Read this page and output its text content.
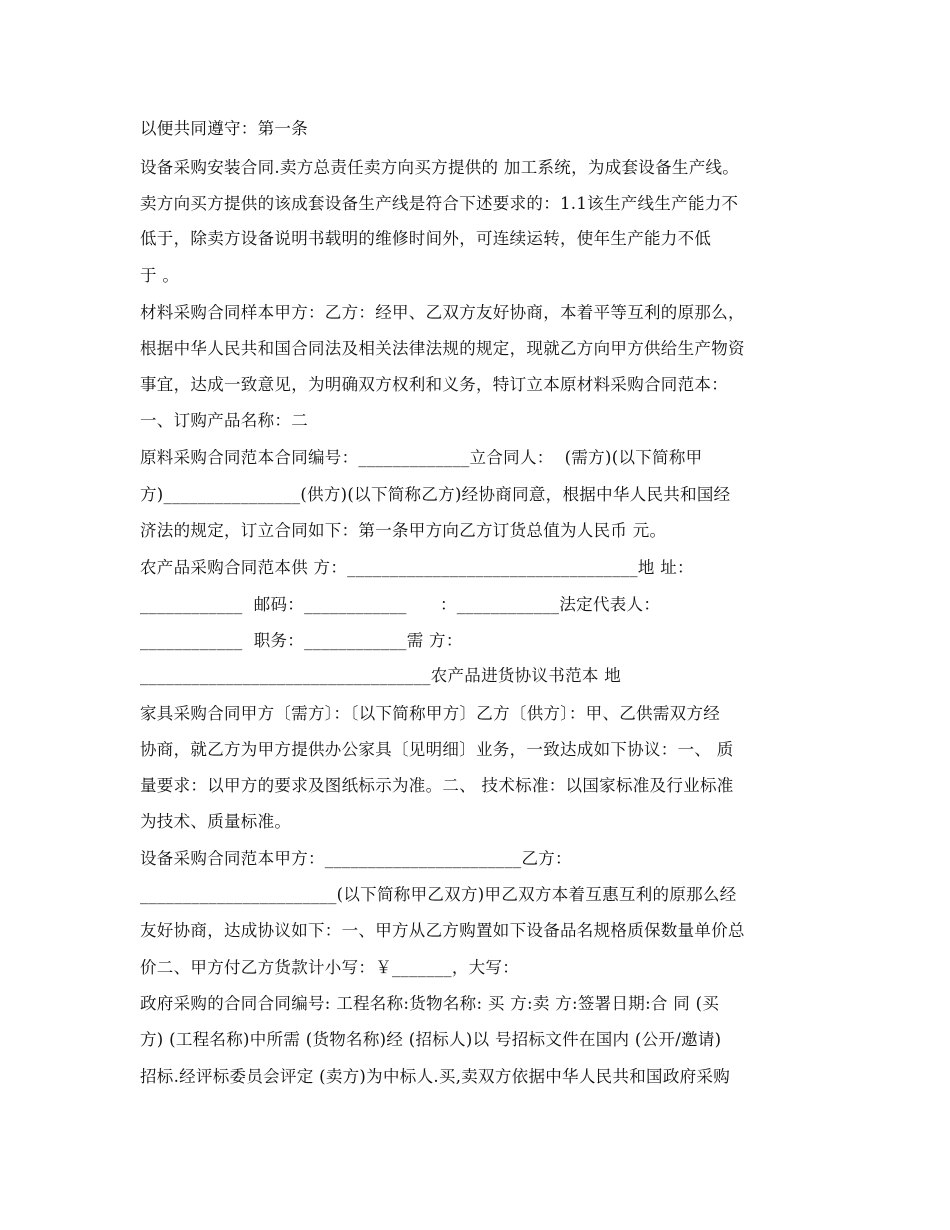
以便共同遵守：第一条
设备采购安装合同.卖方总责任卖方向买方提供的 加工系统，为成套设备生产线。
卖方向买方提供的该成套设备生产线是符合下述要求的：1.1该生产线生产能力不
低于，除卖方设备说明书载明的维修时间外，可连续运转，使年生产能力不低
于 。
材料采购合同样本甲方：乙方：经甲、乙双方友好协商，本着平等互利的原那么，
根据中华人民共和国合同法及相关法律法规的规定，现就乙方向甲方供给生产物资
事宜，达成一致意见，为明确双方权利和义务，特订立本原材料采购合同范本：
一、订购产品名称：二
原料采购合同范本合同编号：_____________立合同人：  (需方)(以下简称甲
方)________________(供方)(以下简称乙方)经协商同意，根据中华人民共和国经
济法的规定，订立合同如下：第一条甲方向乙方订货总值为人民币 元。
农产品采购合同范本供 方：__________________________________地 址：
____________  邮码：____________      ：____________法定代表人：
____________  职务：____________需 方：
__________________________________农产品进货协议书范本 地
家具采购合同甲方〔需方〕：〔以下简称甲方〕乙方〔供方〕：甲、乙供需双方经
协商，就乙方为甲方提供办公家具〔见明细〕业务，一致达成如下协议：一、 质
量要求：以甲方的要求及图纸标示为准。二、 技术标准：以国家标准及行业标准
为技术、质量标准。
设备采购合同范本甲方：_______________________乙方：
_______________________(以下简称甲乙双方)甲乙双方本着互惠互利的原那么经
友好协商，达成协议如下：一、甲方从乙方购置如下设备品名规格质保数量单价总
价二、甲方付乙方货款计小写：￥_______，大写：
政府采购的合同合同编号: 工程名称:货物名称: 买 方:卖 方:签署日期:合 同 (买
方) (工程名称)中所需 (货物名称)经 (招标人)以 号招标文件在国内 (公开/邀请)
招标.经评标委员会评定 (卖方)为中标人.买,卖双方依据中华人民共和国政府采购
